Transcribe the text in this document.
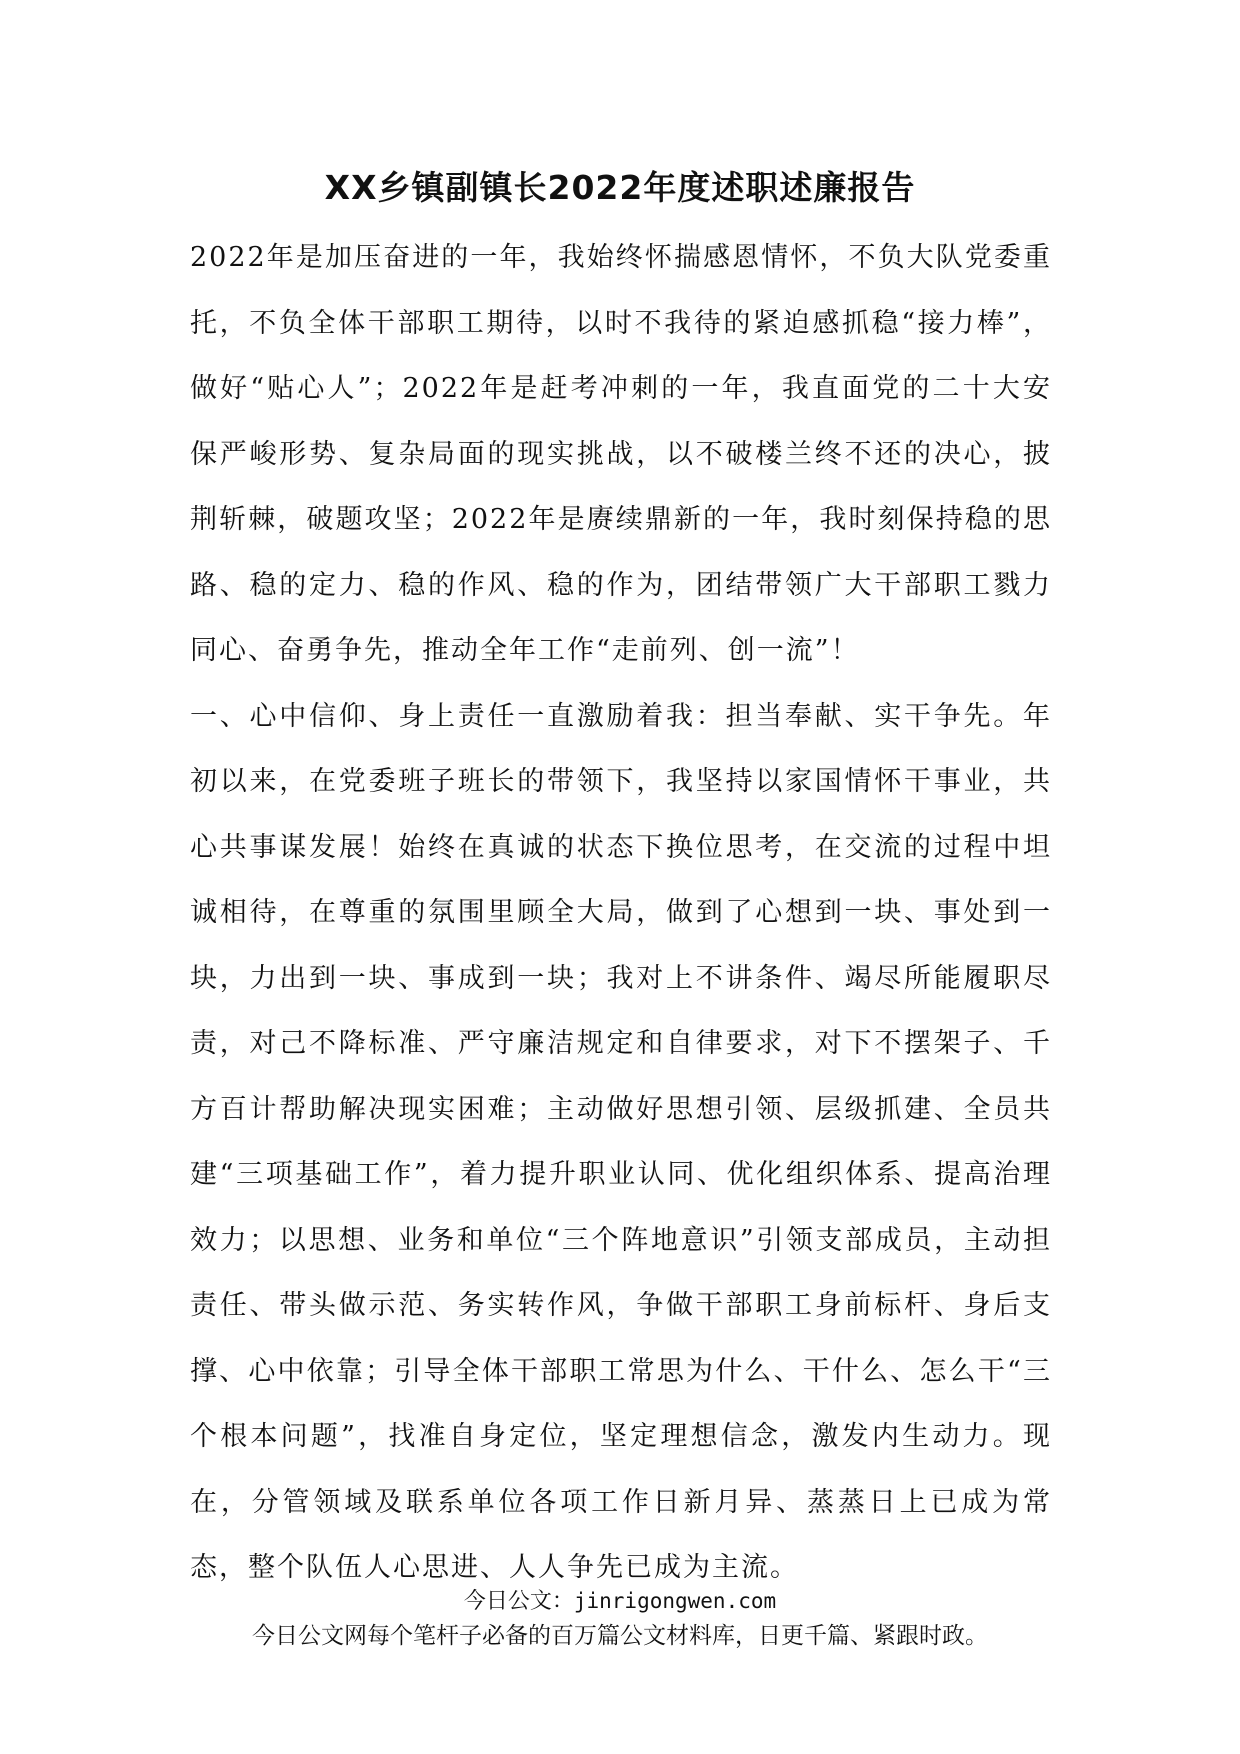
XX乡镇副镇长2022年度述职述廉报告

2022年是加压奋进的一年，我始终怀揣感恩情怀，不负大队党委重托，不负全体干部职工期待，以时不我待的紧迫感抓稳“接力棒”，做好“贴心人”；2022年是赶考冲刺的一年，我直面党的二十大安保严峻形势、复杂局面的现实挑战，以不破楼兰终不还的决心，披荆斩棘，破题攻坚；2022年是赓续鼎新的一年，我时刻保持稳的思路、稳的定力、稳的作风、稳的作为，团结带领广大干部职工戮力同心、奋勇争先，推动全年工作“走前列、创一流”！

一、心中信仰、身上责任一直激励着我：担当奉献、实干争先。年初以来，在党委班子班长的带领下，我坚持以家国情怀干事业，共心共事谋发展！始终在真诚的状态下换位思考，在交流的过程中坦诚相待，在尊重的氛围里顾全大局，做到了心想到一块、事处到一块，力出到一块、事成到一块；我对上不讲条件、竭尽所能履职尽责，对己不降标准、严守廉洁规定和自律要求，对下不摆架子、千方百计帮助解决现实困难；主动做好思想引领、层级抓建、全员共建“三项基础工作”，着力提升职业认同、优化组织体系、提高治理效力；以思想、业务和单位“三个阵地意识”引领支部成员，主动担责任、带头做示范、务实转作风，争做干部职工身前标杆、身后支撑、心中依靠；引导全体干部职工常思为什么、干什么、怎么干“三个根本问题”，找准自身定位，坚定理想信念，激发内生动力。现在，分管领域及联系单位各项工作日新月异、蒸蒸日上已成为常态，整个队伍人心思进、人人争先已成为主流。

今日公文：jinrigongwen.com
今日公文网每个笔杆子必备的百万篇公文材料库，日更千篇、紧跟时政。
